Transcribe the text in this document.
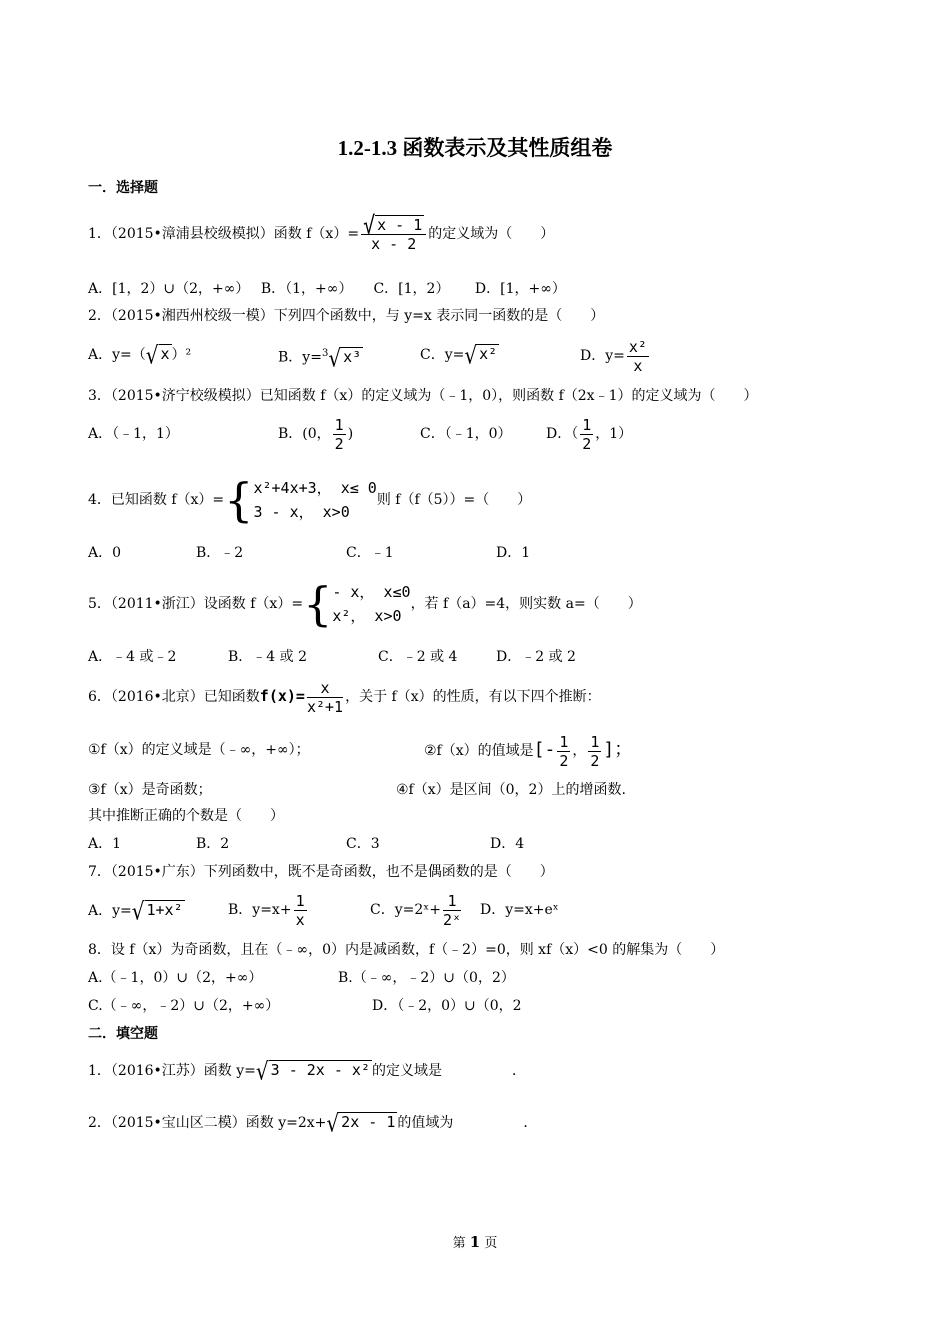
1.2-1.3 函数表示及其性质组卷
一．选择题
1．（2015•漳浦县校级模拟）函数 $f(x)= \frac{√ x - 1}{x - 2}$ 的定义域为（　　）
A．[1，2）∪（2，+∞）　 B．（1，+∞）　　C．[1，2）　　 D．[1，+∞）
2．（2015•湘西州校级一模）下列四个函数中，与 y=x 表示同一函数的是（　　）
A．y=（√ x ）²	B．y=$^3$√ x³	C．y=√ x²	D．$y= \frac{\text{x²}}{x}$
3．（2015•济宁校级模拟）已知函数 f（x）的定义域为（﹣1，0），则函数 f（2x﹣1）的定义域为（　　）
A．（﹣1，1）	B．(0， $\frac{1}{2}$ )	C．（﹣1，0） D．（ $\frac{1}{2}$ ，1）
4．已知函数 f（x）={ x²+4x+3， x≤ 0
3 - x， x>0
则 f（f（5））=（　　）
A．0	B．﹣2	C．﹣1	D．1
5．（2011•浙江）设函数 f（x）={ - x， x≤0
x²， x>0
，若 f（a）=4，则实数 a=（　　）
A．﹣4 或﹣2	B．﹣4 或 2	C．﹣2 或 4	D．﹣2 或 2
6．（2016•北京）已知函数$f(x)= \frac{x}{\text{x²+1}}$ ，关于 f（x）的性质，有以下四个推断：
①f（x）的定义域是（﹣∞，+∞）；	②f（x）的值域是[- $\frac{1}{2}$ ， $\frac{1}{2}$ ]；
③f（x）是奇函数；	④f（x）是区间（0，2）上的增函数.
其中推断正确的个数是（　　）
A．1	B．2	C．3	D．4
7．（2015•广东）下列函数中，既不是奇函数，也不是偶函数的是（　　）
A．y=√ 1+x²	B．$y=x+ \frac{1}{x}$	C．y=2ˣ+ $\frac{1}{\text{2ˣ}}$ D．y=x+eˣ
8．设 f（x）为奇函数，且在（﹣∞，0）内是减函数，f（﹣2）=0，则 xf（x）<0 的解集为（　　）
A.（﹣1，0）∪（2，+∞）	B.（﹣∞，﹣2）∪（0，2）
C.（﹣∞，﹣2）∪（2，+∞）	D．（﹣2，0）∪（0，2
二．填空题
1．（2016•江苏）函数 y=√ 3 - 2x - x² 的定义域是　　　　　．
2．（2015•宝山区二模）函数 y=2x+√ 2x - 1 的值域为　　　　　．
第 1 页
